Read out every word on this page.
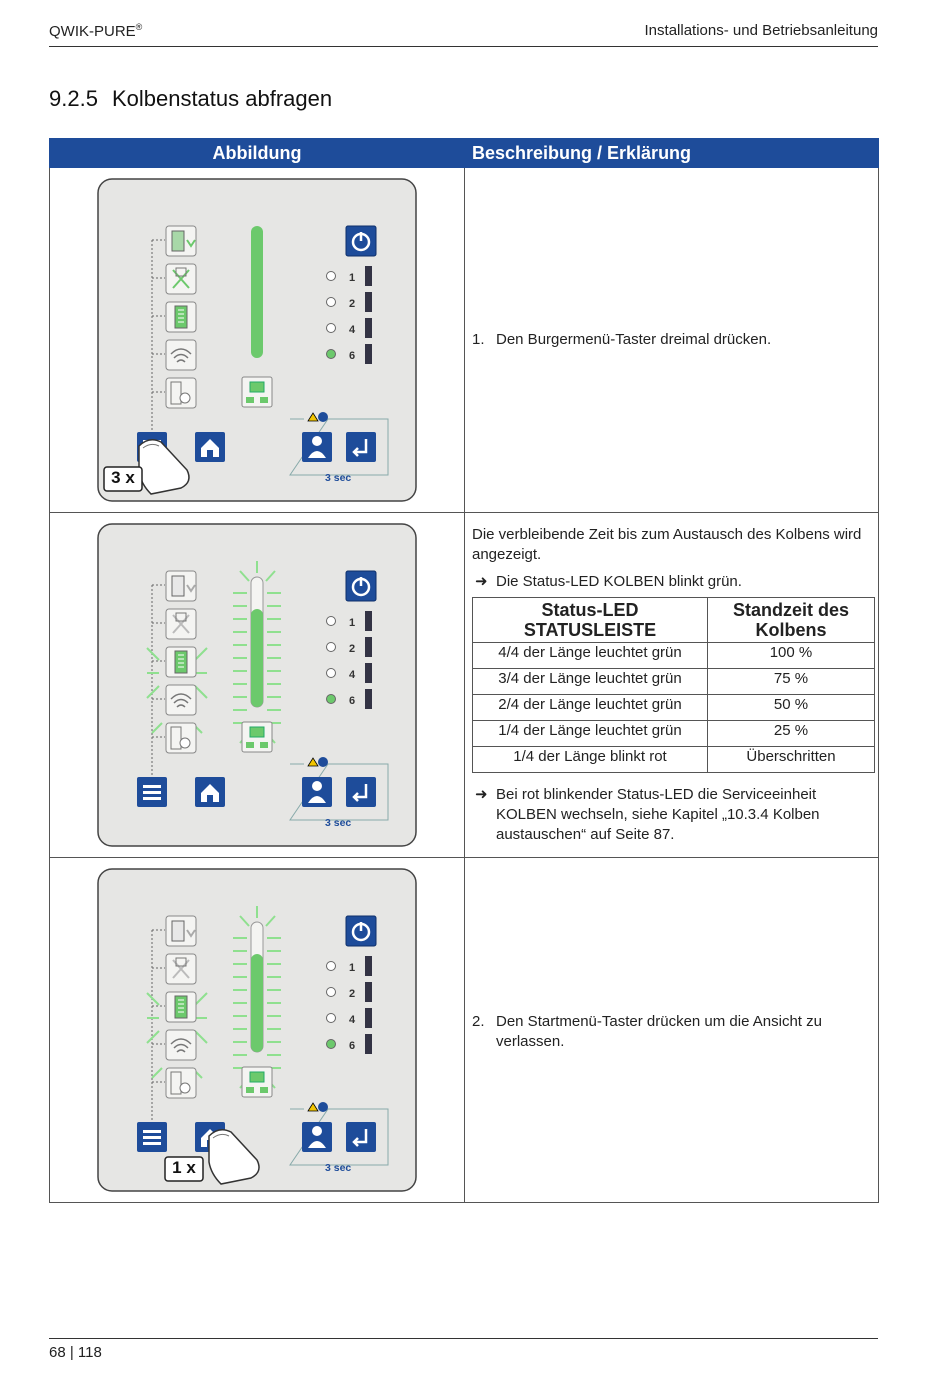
QWIK-PURE®	Installations- und Betriebsanleitung
9.2.5 Kolbenstatus abfragen
Abbildung	Beschreibung / Erklärung

1
2
4
6
3 sec
3 x

1. Den Burgermenü-Taster dreimal drücken.

1
2
4
6
3 sec

Die verbleibende Zeit bis zum Austausch des Kolbens wird angezeigt.
➜ Die Status-LED KOLBEN blinkt grün.
Status-LED STATUSLEISTE	Standzeit des Kolbens
4/4 der Länge leuchtet grün	100 %
3/4 der Länge leuchtet grün	75 %
2/4 der Länge leuchtet grün	50 %
1/4 der Länge leuchtet grün	25 %
1/4 der Länge blinkt rot	Überschritten
➜ Bei rot blinkender Status-LED die Serviceeinheit KOLBEN wechseln, siehe Kapitel „10.3.4 Kolben austauschen“ auf Seite 87.

1
2
4
6
3 sec
1 x

2. Den Startmenü-Taster drücken um die Ansicht zu verlassen.
68 | 118
